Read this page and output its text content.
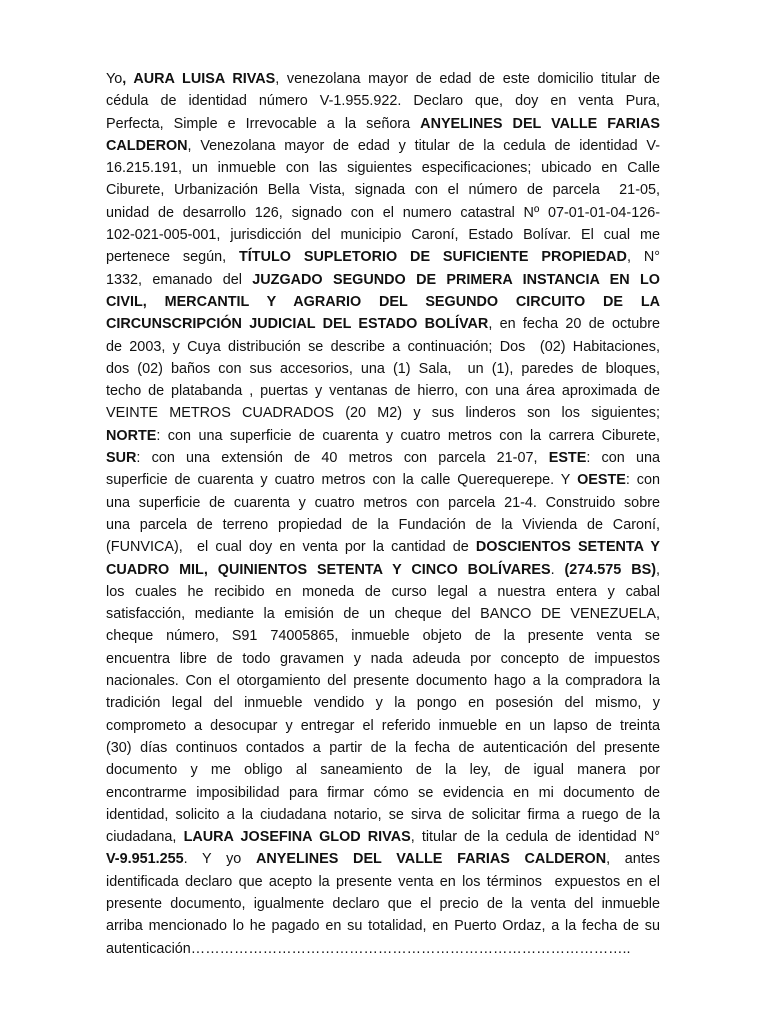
Yo, AURA LUISA RIVAS, venezolana mayor de edad de este domicilio titular de
cédula de identidad número V-1.955.922. Declaro que, doy en venta Pura,
Perfecta, Simple e Irrevocable a la señora ANYELINES DEL VALLE FARIAS
CALDERON, Venezolana mayor de edad y titular de la cedula de identidad V-
16.215.191, un inmueble con las siguientes especificaciones; ubicado en Calle
Ciburete, Urbanización Bella Vista, signada con el número de parcela  21-05,
unidad de desarrollo 126, signado con el numero catastral Nº 07-01-01-04-126-
102-021-005-001, jurisdicción del municipio Caroní, Estado Bolívar. El cual me
pertenece según, TÍTULO SUPLETORIO DE SUFICIENTE PROPIEDAD, N°
1332, emanado del JUZGADO SEGUNDO DE PRIMERA INSTANCIA EN LO
CIVIL, MERCANTIL Y AGRARIO DEL SEGUNDO CIRCUITO DE LA
CIRCUNSCRIPCIÓN JUDICIAL DEL ESTADO BOLÍVAR, en fecha 20 de octubre
de 2003, y Cuya distribución se describe a continuación; Dos  (02) Habitaciones,
dos (02) baños con sus accesorios, una (1) Sala,  un (1), paredes de bloques,
techo de platabanda , puertas y ventanas de hierro, con una área aproximada de
VEINTE METROS CUADRADOS (20 M2) y sus linderos son los siguientes;
NORTE: con una superficie de cuarenta y cuatro metros con la carrera Ciburete,
SUR: con una extensión de 40 metros con parcela 21-07, ESTE: con una
superficie de cuarenta y cuatro metros con la calle Querequerepe. Y OESTE: con
una superficie de cuarenta y cuatro metros con parcela 21-4. Construido sobre
una parcela de terreno propiedad de la Fundación de la Vivienda de Caroní,
(FUNVICA),  el cual doy en venta por la cantidad de DOSCIENTOS SETENTA Y
CUADRO MIL, QUINIENTOS SETENTA Y CINCO BOLÍVARES. (274.575 BS),
los cuales he recibido en moneda de curso legal a nuestra entera y cabal
satisfacción, mediante la emisión de un cheque del BANCO DE VENEZUELA,
cheque número, S91 74005865, inmueble objeto de la presente venta se
encuentra libre de todo gravamen y nada adeuda por concepto de impuestos
nacionales. Con el otorgamiento del presente documento hago a la compradora la
tradición legal del inmueble vendido y la pongo en posesión del mismo, y
comprometo a desocupar y entregar el referido inmueble en un lapso de treinta
(30) días continuos contados a partir de la fecha de autenticación del presente
documento y me obligo al saneamiento de la ley, de igual manera por
encontrarme imposibilidad para firmar cómo se evidencia en mi documento de
identidad, solicito a la ciudadana notario, se sirva de solicitar firma a ruego de la
ciudadana, LAURA JOSEFINA GLOD RIVAS, titular de la cedula de identidad N°
V-9.951.255. Y yo ANYELINES DEL VALLE FARIAS CALDERON, antes
identificada declaro que acepto la presente venta en los términos  expuestos en el
presente documento, igualmente declaro que el precio de la venta del inmueble
arriba mencionado lo he pagado en su totalidad, en Puerto Ordaz, a la fecha de su
autenticación………………………………………………………………………………..
